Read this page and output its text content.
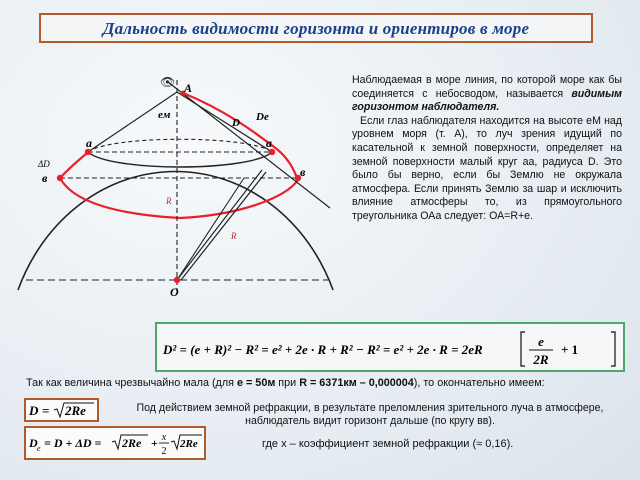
Дальность видимости горизонта и ориентиров в море
👁 A
eм
D Dе
a	a
ΔD
в	в
R
R
O

Наблюдаемая в море линия, по которой море как бы соединяется с небосводом, называется видимым горизонтом наблюдателя.

Если глаз наблюдателя находится на высоте eM над уровнем моря (т. А), то луч зрения идущий по касательной к земной поверхности, определяет на земной поверхности малый круг аа, радиуса D. Это было бы верно, если бы Землю не окружала атмосфера. Если принять Землю за шар и исключить влияние атмосферы то, из прямоугольного треугольника ОАа следует: ОА=R+e.

D² = (e + R)² − R² = e² + 2e · R + R² − R² = e² + 2e · R = 2eR
e
2R
+ 1
Так как величина чрезвычайно мала (для e = 50м при R = 6371км – 0,000004), то окончательно имеем:
D = 2Re	Под действием земной рефракции, в результате преломления зрительного луча в атмосфере, наблюдатель видит горизонт дальше (по кругу вв).
D e = D + ΔD = 2Re + x
2
2Re	где x – коэффициент земной рефракции (≈ 0,16).
